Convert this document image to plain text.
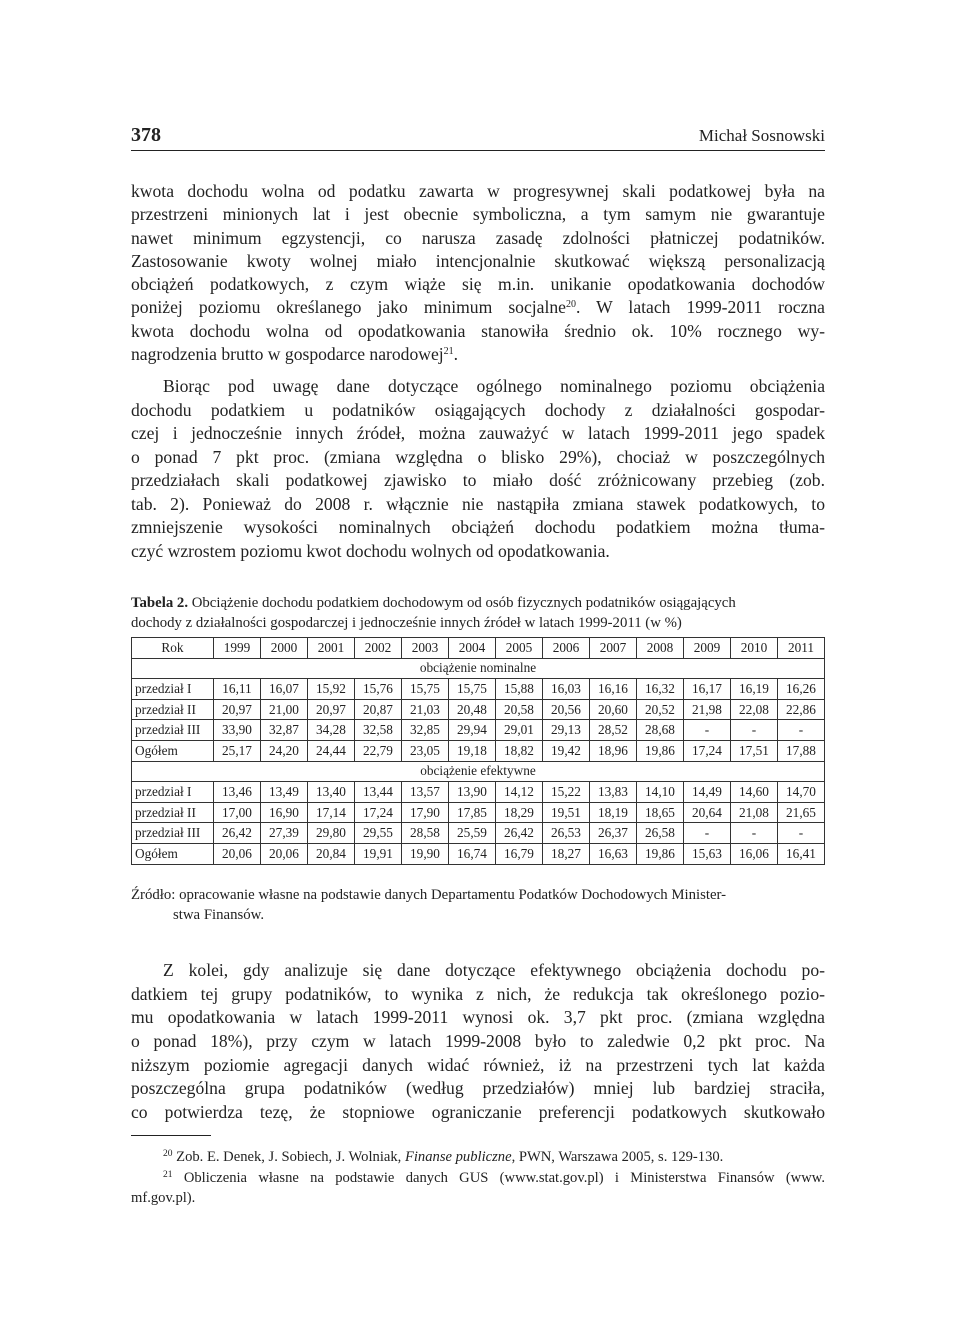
378	Michał Sosnowski
kwota dochodu wolna od podatku zawarta w progresywnej skali podatkowej była na
przestrzeni minionych lat i jest obecnie symboliczna, a tym samym nie gwarantuje
nawet minimum egzystencji, co narusza zasadę zdolności płatniczej podatników.
Zastosowanie kwoty wolnej miało intencjonalnie skutkować większą personalizacją
obciążeń podatkowych, z czym wiąże się m.in. unikanie opodatkowania dochodów
poniżej poziomu określanego jako minimum socjalne$^{20}$. W latach 1999-2011 roczna
kwota dochodu wolna od opodatkowania stanowiła średnio ok. 10% rocznego wy-
nagrodzenia brutto w gospodarce narodowej$^{21}$.
Biorąc pod uwagę dane dotyczące ogólnego nominalnego poziomu obciążenia
dochodu podatkiem u podatników osiągających dochody z działalności gospodar-
czej i jednocześnie innych źródeł, można zauważyć w latach 1999-2011 jego spadek
o ponad 7 pkt proc. (zmiana względna o blisko 29%), chociaż w poszczególnych
przedziałach skali podatkowej zjawisko to miało dość zróżnicowany przebieg (zob.
tab. 2). Ponieważ do 2008 r. włącznie nie nastąpiła zmiana stawek podatkowych, to
zmniejszenie wysokości nominalnych obciążeń dochodu podatkiem można tłuma-
czyć wzrostem poziomu kwot dochodu wolnych od opodatkowania.
Tabela 2. Obciążenie dochodu podatkiem dochodowym od osób fizycznych podatników osiągających
dochody z działalności gospodarczej i jednocześnie innych źródeł w latach 1999-2011 (w %)
Rok	1999	2000	2001	2002	2003	2004	2005	2006	2007	2008	2009	2010	2011
obciążenie nominalne													
przedział I	16,11	16,07	15,92	15,76	15,75	15,75	15,88	16,03	16,16	16,32	16,17	16,19	16,26
przedział II	20,97	21,00	20,97	20,87	21,03	20,48	20,58	20,56	20,60	20,52	21,98	22,08	22,86
przedział III	33,90	32,87	34,28	32,58	32,85	29,94	29,01	29,13	28,52	28,68	-	-	-
Ogółem	25,17	24,20	24,44	22,79	23,05	19,18	18,82	19,42	18,96	19,86	17,24	17,51	17,88
obciążenie efektywne													
przedział I	13,46	13,49	13,40	13,44	13,57	13,90	14,12	15,22	13,83	14,10	14,49	14,60	14,70
przedział II	17,00	16,90	17,14	17,24	17,90	17,85	18,29	19,51	18,19	18,65	20,64	21,08	21,65
przedział III	26,42	27,39	29,80	29,55	28,58	25,59	26,42	26,53	26,37	26,58	-	-	-
Ogółem	20,06	20,06	20,84	19,91	19,90	16,74	16,79	18,27	16,63	19,86	15,63	16,06	16,41
Źródło: opracowanie własne na podstawie danych Departamentu Podatków Dochodowych Minister-
stwa Finansów.
Z kolei, gdy analizuje się dane dotyczące efektywnego obciążenia dochodu po-
datkiem tej grupy podatników, to wynika z nich, że redukcja tak określonego pozio-
mu opodatkowania w latach 1999-2011 wynosi ok. 3,7 pkt proc. (zmiana względna
o ponad 18%), przy czym w latach 1999-2008 było to zaledwie 0,2 pkt proc. Na
niższym poziomie agregacji danych widać również, iż na przestrzeni tych lat każda
poszczególna grupa podatników (według przedziałów) mniej lub bardziej straciła,
co potwierdza tezę, że stopniowe ograniczanie preferencji podatkowych skutkowało
$^{20}$ Zob. E. Denek, J. Sobiech, J. Wolniak, Finanse publiczne, PWN, Warszawa 2005, s. 129-130.
$^{21}$ Obliczenia własne na podstawie danych GUS (www.stat.gov.pl) i Ministerstwa Finansów (www.
mf.gov.pl).
